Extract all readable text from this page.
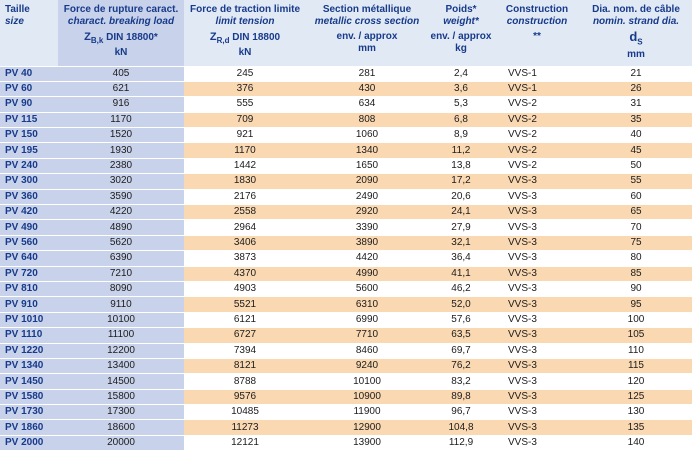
Taille
size	Force de rupture caract.
charact. breaking load
$Z_{B,k}$ DIN 18800*
kN	Force de traction limite
limit tension
$Z_{R,d}$ DIN 18800
kN	Section métallique
metallic cross section
env. / approx
mm	Poids*
weight*
env. / approx
kg	Construction
construction
**	Dia. nom. de câble
nomin. strand dia.
$d_S$
mm

PV 40	405	245	281	2,4	VVS-1	21
PV 60	621	376	430	3,6	VVS-1	26
PV 90	916	555	634	5,3	VVS-2	31
PV 115	1170	709	808	6,8	VVS-2	35
PV 150	1520	921	1060	8,9	VVS-2	40
PV 195	1930	1170	1340	11,2	VVS-2	45
PV 240	2380	1442	1650	13,8	VVS-2	50
PV 300	3020	1830	2090	17,2	VVS-3	55
PV 360	3590	2176	2490	20,6	VVS-3	60
PV 420	4220	2558	2920	24,1	VVS-3	65
PV 490	4890	2964	3390	27,9	VVS-3	70
PV 560	5620	3406	3890	32,1	VVS-3	75
PV 640	6390	3873	4420	36,4	VVS-3	80
PV 720	7210	4370	4990	41,1	VVS-3	85
PV 810	8090	4903	5600	46,2	VVS-3	90
PV 910	9110	5521	6310	52,0	VVS-3	95
PV 1010	10100	6121	6990	57,6	VVS-3	100
PV 1110	11100	6727	7710	63,5	VVS-3	105
PV 1220	12200	7394	8460	69,7	VVS-3	110
PV 1340	13400	8121	9240	76,2	VVS-3	115
PV 1450	14500	8788	10100	83,2	VVS-3	120
PV 1580	15800	9576	10900	89,8	VVS-3	125
PV 1730	17300	10485	11900	96,7	VVS-3	130
PV 1860	18600	11273	12900	104,8	VVS-3	135
PV 2000	20000	12121	13900	112,9	VVS-3	140
